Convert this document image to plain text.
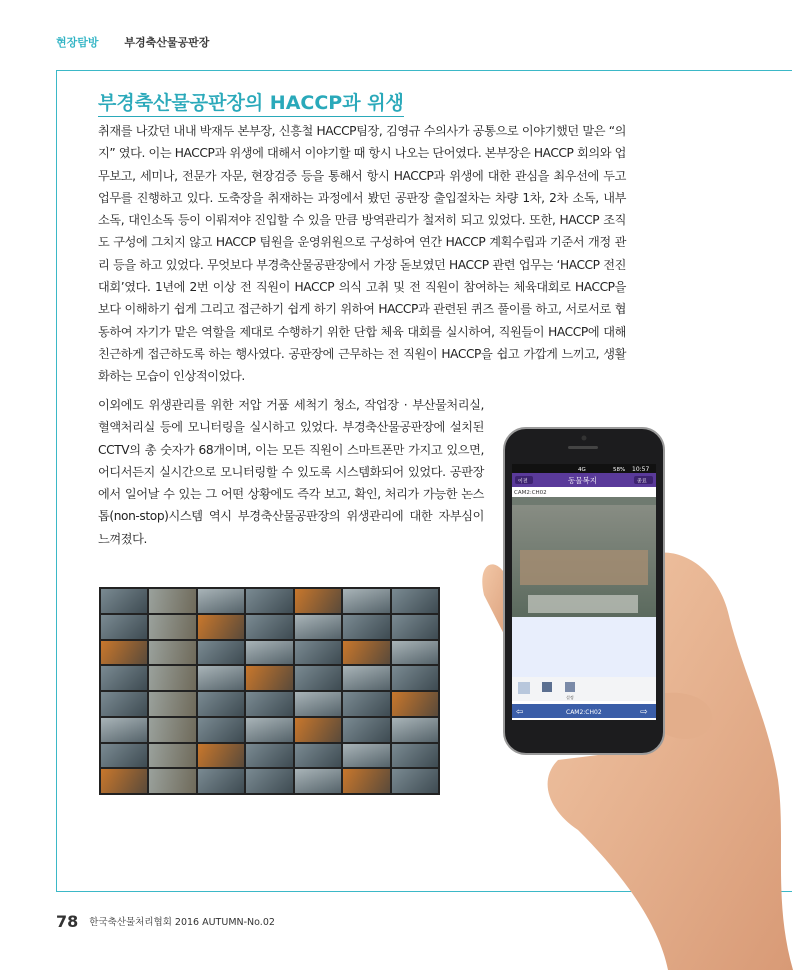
현장탐방 부경축산물공판장
부경축산물공판장의 HACCP과 위생
취재를 나갔던 내내 박재두 본부장, 신흥철 HACCP팀장, 김영규 수의사가 공통으로 이야기했던 말은 “의지” 였다. 이는 HACCP과 위생에 대해서 이야기할 때 항시 나오는 단어였다. 본부장은 HACCP 회의와 업무보고, 세미나, 전문가 자문, 현장검증 등을 통해서 항시 HACCP과 위생에 대한 관심을 최우선에 두고 업무를 진행하고 있다. 도축장을 취재하는 과정에서 봤던 공판장 출입절차는 차량 1차, 2차 소독, 내부 소독, 대인소독 등이 이뤄져야 진입할 수 있을 만큼 방역관리가 철저히 되고 있었다. 또한, HACCP 조직도 구성에 그치지 않고 HACCP 팀원을 운영위원으로 구성하여 연간 HACCP 계획수립과 기준서 개정 관리 등을 하고 있었다. 무엇보다 부경축산물공판장에서 가장 돋보였던 HACCP 관련 업무는 ‘HACCP 전진대회’였다. 1년에 2번 이상 전 직원이 HACCP 의식 고취 및 전 직원이 참여하는 체육대회로 HACCP을 보다 이해하기 쉽게 그리고 접근하기 쉽게 하기 위하여 HACCP과 관련된 퀴즈 풀이를 하고, 서로서로 협동하여 자기가 맡은 역할을 제대로 수행하기 위한 단합 체육 대회를 실시하여, 직원들이 HACCP에 대해 친근하게 접근하도록 하는 행사였다. 공판장에 근무하는 전 직원이 HACCP을 쉽고 가깝게 느끼고, 생활화하는 모습이 인상적이었다.
이외에도 위생관리를 위한 저압 거품 세척기 청소, 작업장 · 부산물처리실, 혈액처리실 등에 모니터링을 실시하고 있었다. 부경축산물공판장에 설치된 CCTV의 총 숫자가 68개이며, 이는 모든 직원이 스마트폰만 가지고 있으면, 어디서든지 실시간으로 모니터링할 수 있도록 시스템화되어 있었다. 공판장에서 일어날 수 있는 그 어떤 상황에도 즉각 보고, 확인, 처리가 가능한 논스톱(non-stop)시스템 역시 부경축산물공판장의 위생관리에 대한 자부심이 느껴졌다.
4G	58% 10:57
이전	동물복지	종료
CAM2:CH02
설정
⇦	CAM2:CH02	⇨
78 한국축산물처리협회 2016 AUTUMN-No.02
